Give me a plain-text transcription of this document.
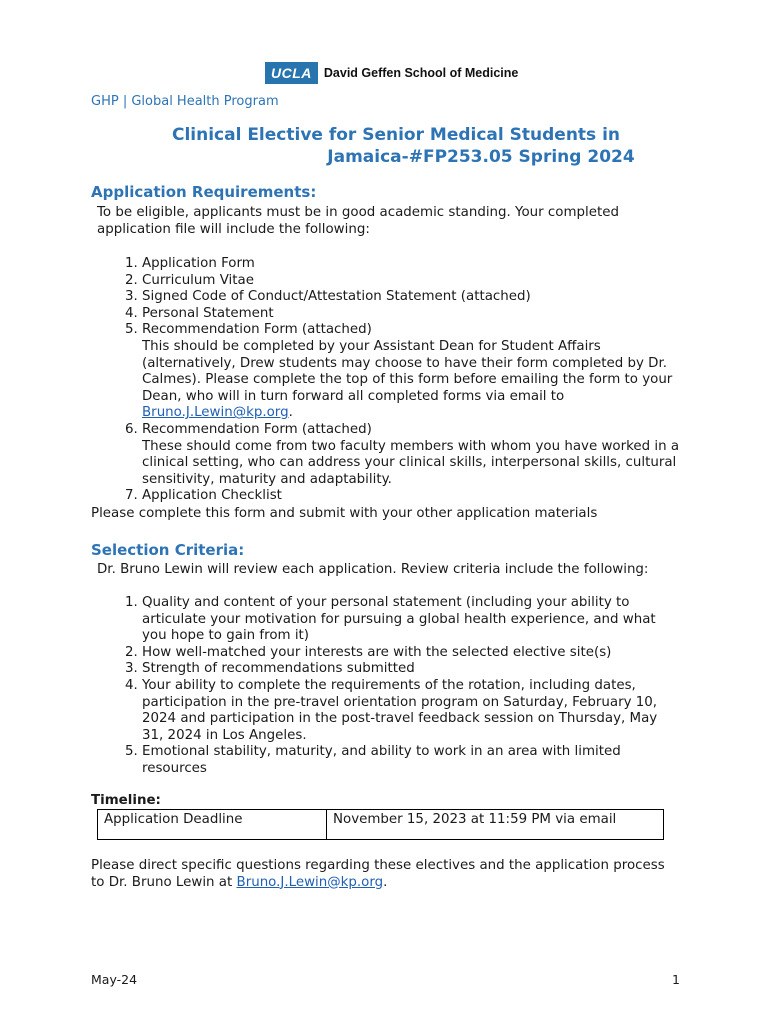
UCLA David Geffen School of Medicine
GHP | Global Health Program
Clinical Elective for Senior Medical Students in
Jamaica-#FP253.05 Spring 2024
Application Requirements:

To be eligible, applicants must be in good academic standing. Your completed application file will include the following:

1. Application Form
2. Curriculum Vitae
3. Signed Code of Conduct/Attestation Statement (attached)
4. Personal Statement
5. Recommendation Form (attached)
This should be completed by your Assistant Dean for Student Affairs (alternatively, Drew students may choose to have their form completed by Dr. Calmes). Please complete the top of this form before emailing the form to your Dean, who will in turn forward all completed forms via email to Bruno.J.Lewin@kp.org.
6. Recommendation Form (attached)
These should come from two faculty members with whom you have worked in a clinical setting, who can address your clinical skills, interpersonal skills, cultural sensitivity, maturity and adaptability.
7. Application Checklist

Please complete this form and submit with your other application materials

Selection Criteria:

Dr. Bruno Lewin will review each application. Review criteria include the following:

1. Quality and content of your personal statement (including your ability to articulate your motivation for pursuing a global health experience, and what you hope to gain from it)
2. How well-matched your interests are with the selected elective site(s)
3. Strength of recommendations submitted
4. Your ability to complete the requirements of the rotation, including dates, participation in the pre-travel orientation program on Saturday, February 10, 2024 and participation in the post-travel feedback session on Thursday, May 31, 2024 in Los Angeles.
5. Emotional stability, maturity, and ability to work in an area with limited resources
Timeline:
Application Deadline	November 15, 2023 at 11:59 PM via email

Please direct specific questions regarding these electives and the application process to Dr. Bruno Lewin at Bruno.J.Lewin@kp.org.

May-24	1
